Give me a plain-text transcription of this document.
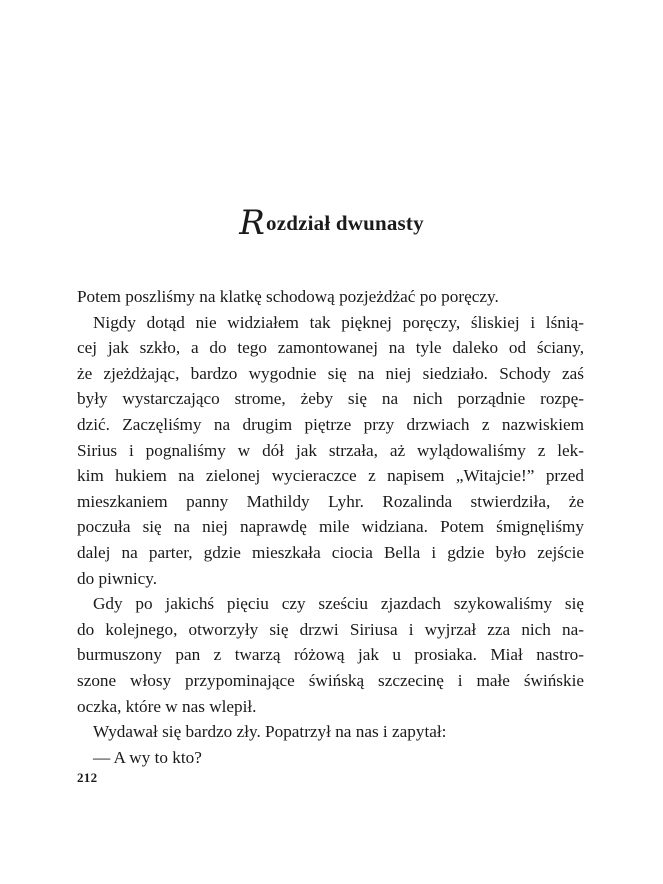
Rozdział dwunasty

Potem poszliśmy na klatkę schodową pozjeżdżać po poręczy.

Nigdy dotąd nie widziałem tak pięknej poręczy, śliskiej i lśnią-
cej jak szkło, a do tego zamontowanej na tyle daleko od ściany,
że zjeżdżając, bardzo wygodnie się na niej siedziało. Schody zaś
były wystarczająco strome, żeby się na nich porządnie rozpę-
dzić. Zaczęliśmy na drugim piętrze przy drzwiach z nazwiskiem
Sirius i pognaliśmy w dół jak strzała, aż wylądowaliśmy z lek-
kim hukiem na zielonej wycieraczce z napisem „Witajcie!” przed
mieszkaniem panny Mathildy Lyhr. Rozalinda stwierdziła, że
poczuła się na niej naprawdę mile widziana. Potem śmignęliśmy
dalej na parter, gdzie mieszkała ciocia Bella i gdzie było zejście
do piwnicy.

Gdy po jakichś pięciu czy sześciu zjazdach szykowaliśmy się
do kolejnego, otworzyły się drzwi Siriusa i wyjrzał zza nich na-
burmuszony pan z twarzą różową jak u prosiaka. Miał nastro-
szone włosy przypominające świńską szczecinę i małe świńskie
oczka, które w nas wlepił.

Wydawał się bardzo zły. Popatrzył na nas i zapytał:

— A wy to kto?

212
